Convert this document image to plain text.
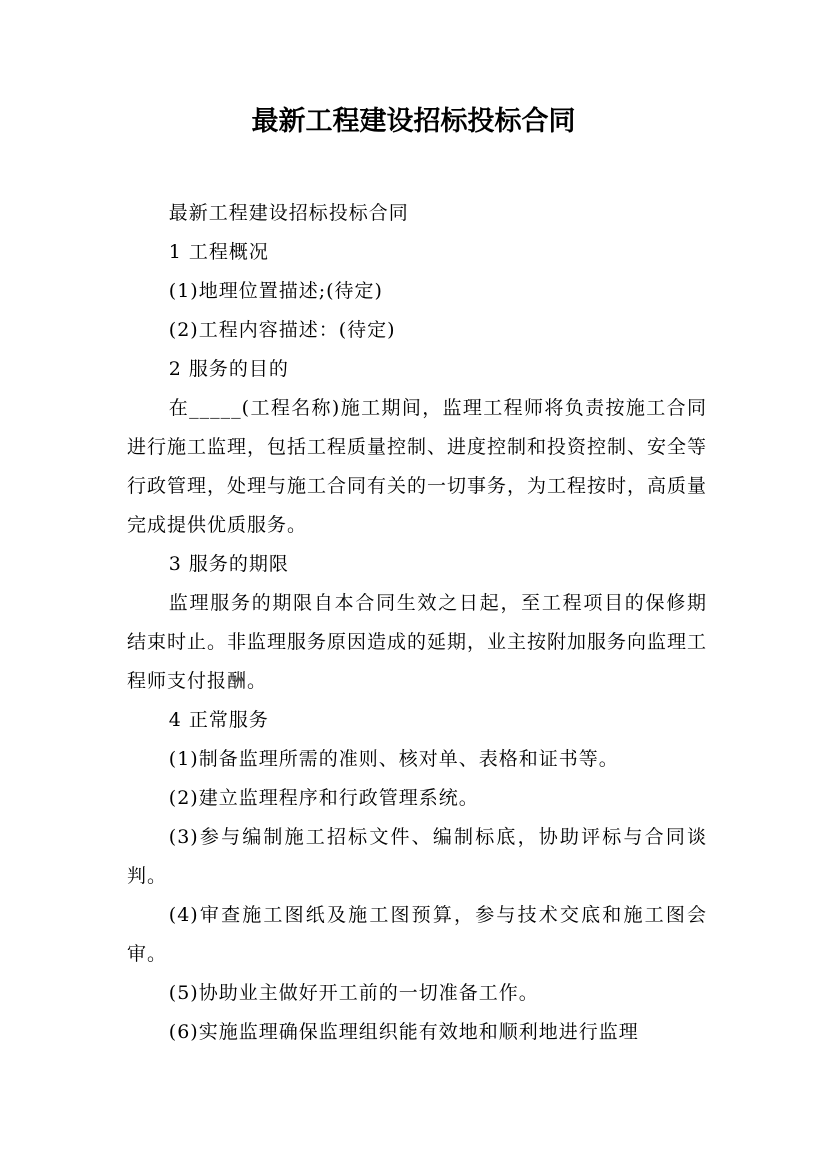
最新工程建设招标投标合同

最新工程建设招标投标合同

1 工程概况

(1)地理位置描述;(待定)

(2)工程内容描述：(待定)

2 服务的目的

在_____(工程名称)施工期间，监理工程师将负责按施工合同进行施工监理，包括工程质量控制、进度控制和投资控制、安全等行政管理，处理与施工合同有关的一切事务，为工程按时，高质量完成提供优质服务。

3 服务的期限

监理服务的期限自本合同生效之日起，至工程项目的保修期结束时止。非监理服务原因造成的延期，业主按附加服务向监理工程师支付报酬。

4 正常服务

(1)制备监理所需的准则、核对单、表格和证书等。

(2)建立监理程序和行政管理系统。

(3)参与编制施工招标文件、编制标底，协助评标与合同谈判。

(4)审查施工图纸及施工图预算，参与技术交底和施工图会审。

(5)协助业主做好开工前的一切准备工作。

(6)实施监理确保监理组织能有效地和顺利地进行监理
